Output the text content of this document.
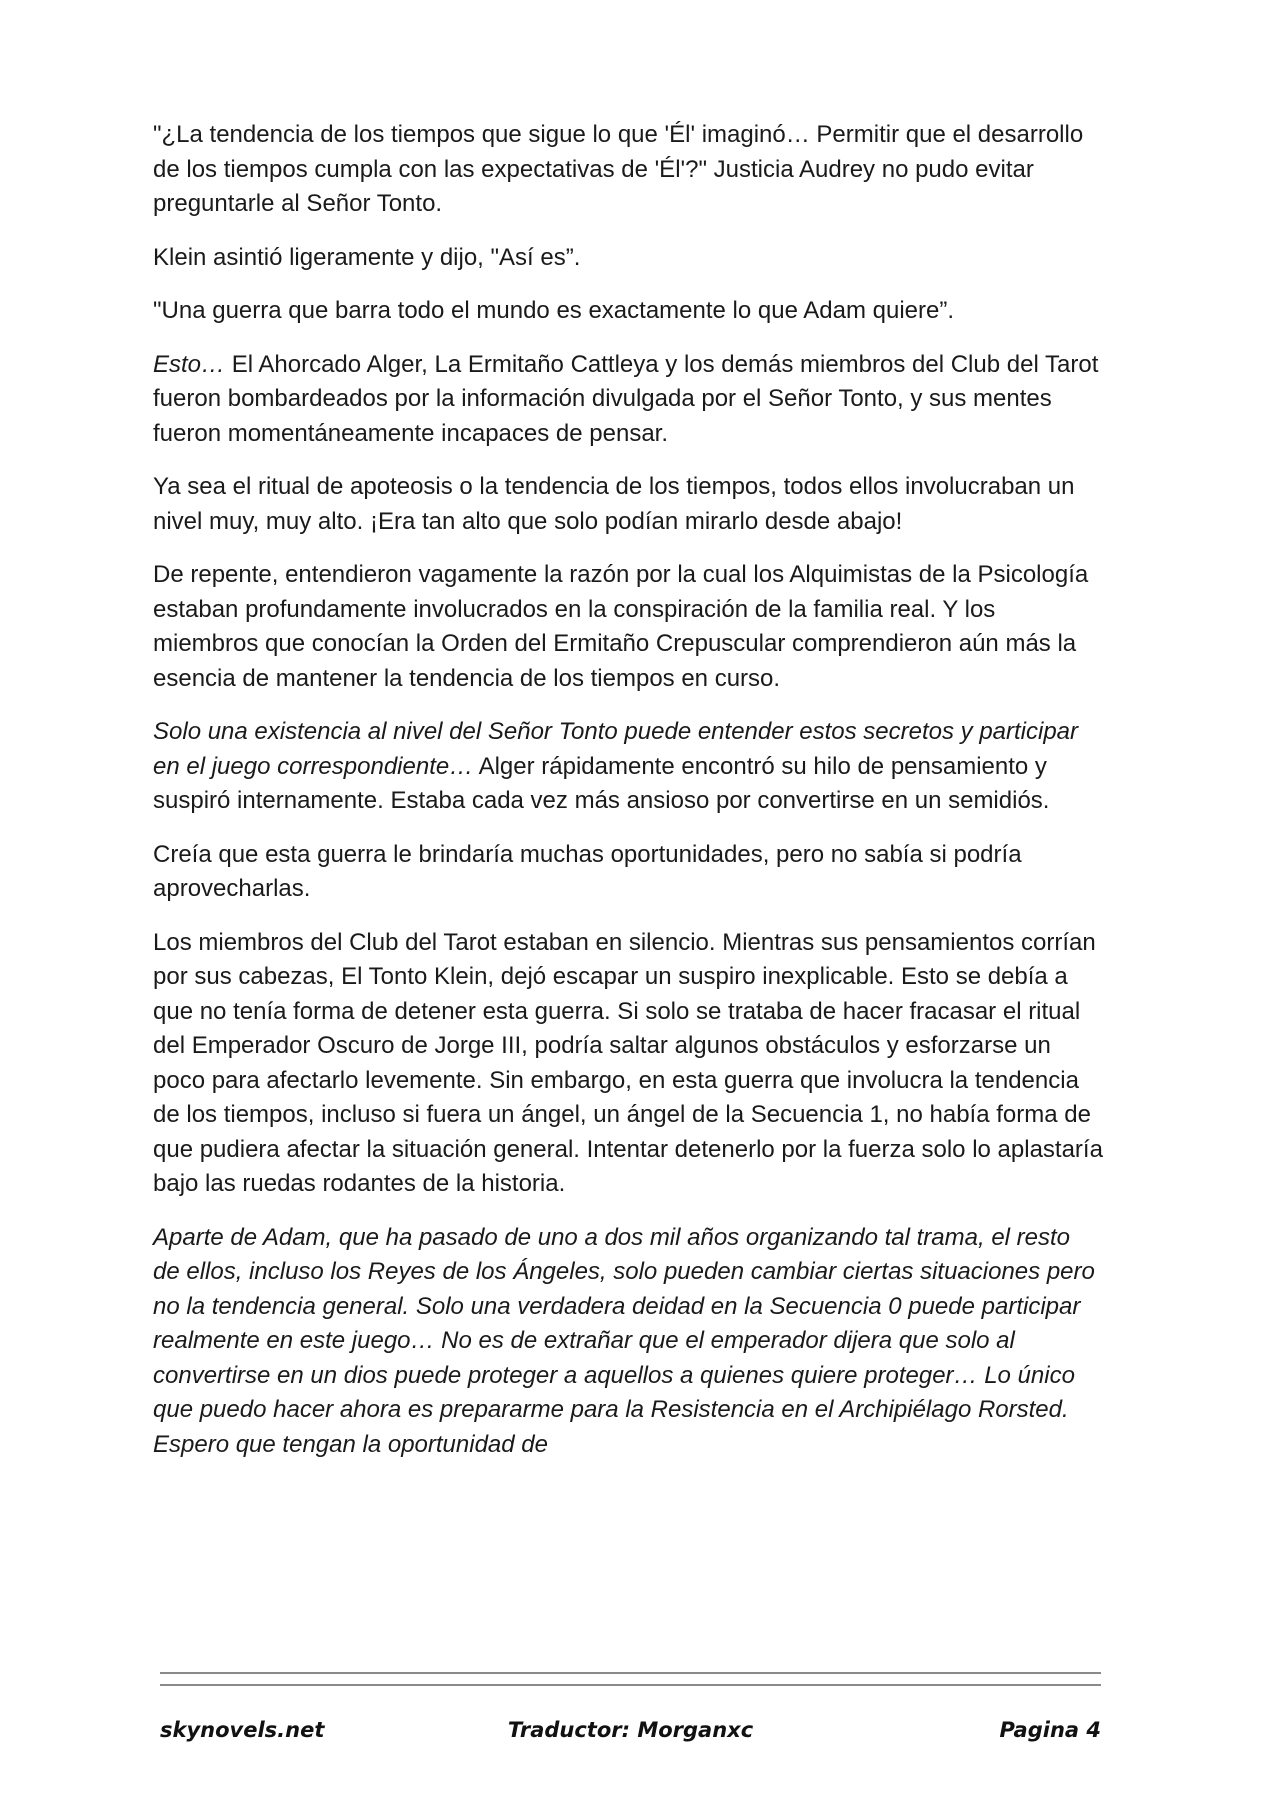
"¿La tendencia de los tiempos que sigue lo que 'Él' imaginó… Permitir que el desarrollo de los tiempos cumpla con las expectativas de 'Él'?" Justicia Audrey no pudo evitar preguntarle al Señor Tonto.

Klein asintió ligeramente y dijo, "Así es”.

"Una guerra que barra todo el mundo es exactamente lo que Adam quiere”.

Esto… El Ahorcado Alger, La Ermitaño Cattleya y los demás miembros del Club del Tarot fueron bombardeados por la información divulgada por el Señor Tonto, y sus mentes fueron momentáneamente incapaces de pensar.

Ya sea el ritual de apoteosis o la tendencia de los tiempos, todos ellos involucraban un nivel muy, muy alto. ¡Era tan alto que solo podían mirarlo desde abajo!

De repente, entendieron vagamente la razón por la cual los Alquimistas de la Psicología estaban profundamente involucrados en la conspiración de la familia real. Y los miembros que conocían la Orden del Ermitaño Crepuscular comprendieron aún más la esencia de mantener la tendencia de los tiempos en curso.

Solo una existencia al nivel del Señor Tonto puede entender estos secretos y participar en el juego correspondiente… Alger rápidamente encontró su hilo de pensamiento y suspiró internamente. Estaba cada vez más ansioso por convertirse en un semidiós.

Creía que esta guerra le brindaría muchas oportunidades, pero no sabía si podría aprovecharlas.

Los miembros del Club del Tarot estaban en silencio. Mientras sus pensamientos corrían por sus cabezas, El Tonto Klein, dejó escapar un suspiro inexplicable. Esto se debía a que no tenía forma de detener esta guerra. Si solo se trataba de hacer fracasar el ritual del Emperador Oscuro de Jorge III, podría saltar algunos obstáculos y esforzarse un poco para afectarlo levemente. Sin embargo, en esta guerra que involucra la tendencia de los tiempos, incluso si fuera un ángel, un ángel de la Secuencia 1, no había forma de que pudiera afectar la situación general. Intentar detenerlo por la fuerza solo lo aplastaría bajo las ruedas rodantes de la historia.

Aparte de Adam, que ha pasado de uno a dos mil años organizando tal trama, el resto de ellos, incluso los Reyes de los Ángeles, solo pueden cambiar ciertas situaciones pero no la tendencia general. Solo una verdadera deidad en la Secuencia 0 puede participar realmente en este juego… No es de extrañar que el emperador dijera que solo al convertirse en un dios puede proteger a aquellos a quienes quiere proteger… Lo único que puedo hacer ahora es prepararme para la Resistencia en el Archipiélago Rorsted. Espero que tengan la oportunidad de

skynovels.net	Traductor: Morganxc	Pagina 4
